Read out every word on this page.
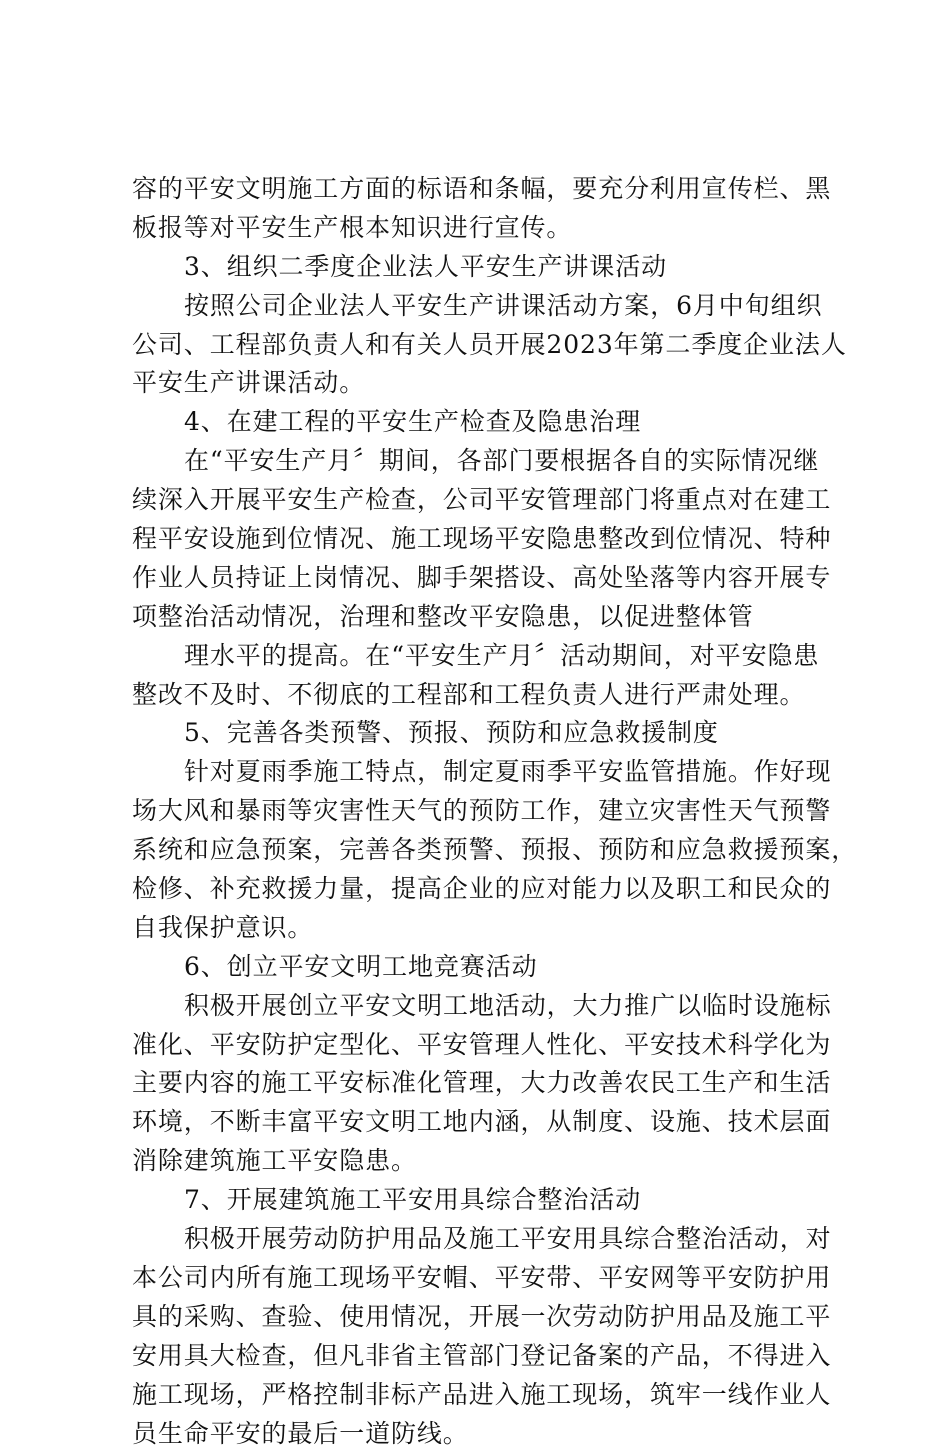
容的平安文明施工方面的标语和条幅，要充分利用宣传栏、黑
板报等对平安生产根本知识进行宣传。
3、组织二季度企业法人平安生产讲课活动
按照公司企业法人平安生产讲课活动方案，6月中旬组织
公司、工程部负责人和有关人员开展2023年第二季度企业法人
平安生产讲课活动。
4、在建工程的平安生产检查及隐患治理
在“平安生产月〞期间，各部门要根据各自的实际情况继
续深入开展平安生产检查，公司平安管理部门将重点对在建工
程平安设施到位情况、施工现场平安隐患整改到位情况、特种
作业人员持证上岗情况、脚手架搭设、高处坠落等内容开展专
项整治活动情况，治理和整改平安隐患，以促进整体管
理水平的提高。在“平安生产月〞活动期间，对平安隐患
整改不及时、不彻底的工程部和工程负责人进行严肃处理。
5、完善各类预警、预报、预防和应急救援制度
针对夏雨季施工特点，制定夏雨季平安监管措施。作好现
场大风和暴雨等灾害性天气的预防工作，建立灾害性天气预警
系统和应急预案，完善各类预警、预报、预防和应急救援预案，
检修、补充救援力量，提高企业的应对能力以及职工和民众的
自我保护意识。
6、创立平安文明工地竞赛活动
积极开展创立平安文明工地活动，大力推广以临时设施标
准化、平安防护定型化、平安管理人性化、平安技术科学化为
主要内容的施工平安标准化管理，大力改善农民工生产和生活
环境，不断丰富平安文明工地内涵，从制度、设施、技术层面
消除建筑施工平安隐患。
7、开展建筑施工平安用具综合整治活动
积极开展劳动防护用品及施工平安用具综合整治活动，对
本公司内所有施工现场平安帽、平安带、平安网等平安防护用
具的采购、查验、使用情况，开展一次劳动防护用品及施工平
安用具大检查，但凡非省主管部门登记备案的产品，不得进入
施工现场，严格控制非标产品进入施工现场，筑牢一线作业人
员生命平安的最后一道防线。
